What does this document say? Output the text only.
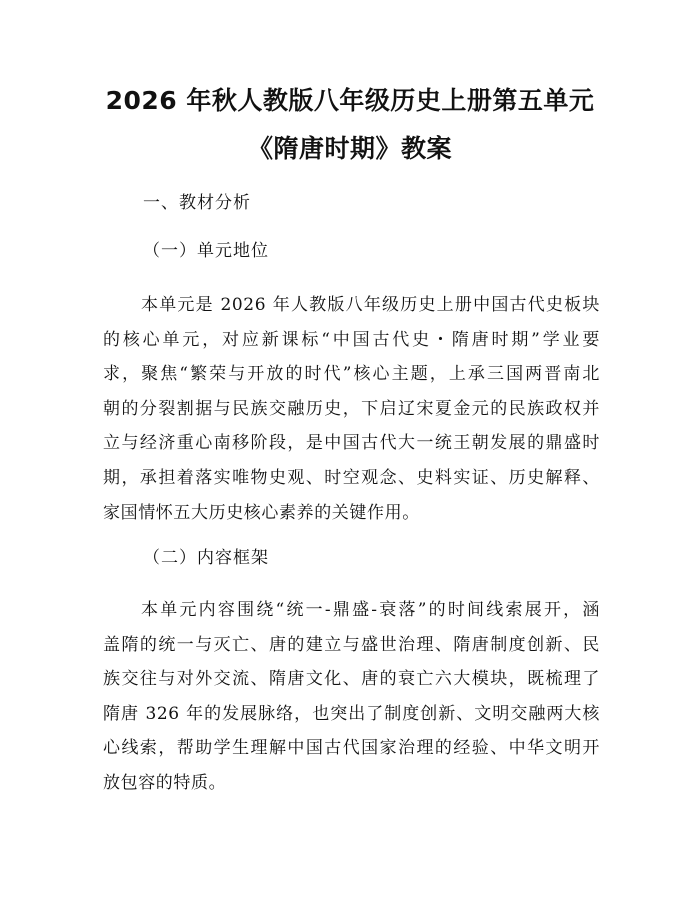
2026 年秋人教版八年级历史上册第五单元
《隋唐时期》教案
一、教材分析
（一）单元地位
本单元是 2026 年人教版八年级历史上册中国古代史板块
的核心单元，对应新课标“中国古代史・隋唐时期”学业要
求，聚焦“繁荣与开放的时代”核心主题，上承三国两晋南北
朝的分裂割据与民族交融历史，下启辽宋夏金元的民族政权并
立与经济重心南移阶段，是中国古代大一统王朝发展的鼎盛时
期，承担着落实唯物史观、时空观念、史料实证、历史解释、
家国情怀五大历史核心素养的关键作用。
（二）内容框架
本单元内容围绕“统一-鼎盛-衰落”的时间线索展开，涵
盖隋的统一与灭亡、唐的建立与盛世治理、隋唐制度创新、民
族交往与对外交流、隋唐文化、唐的衰亡六大模块，既梳理了
隋唐 326 年的发展脉络，也突出了制度创新、文明交融两大核
心线索，帮助学生理解中国古代国家治理的经验、中华文明开
放包容的特质。
